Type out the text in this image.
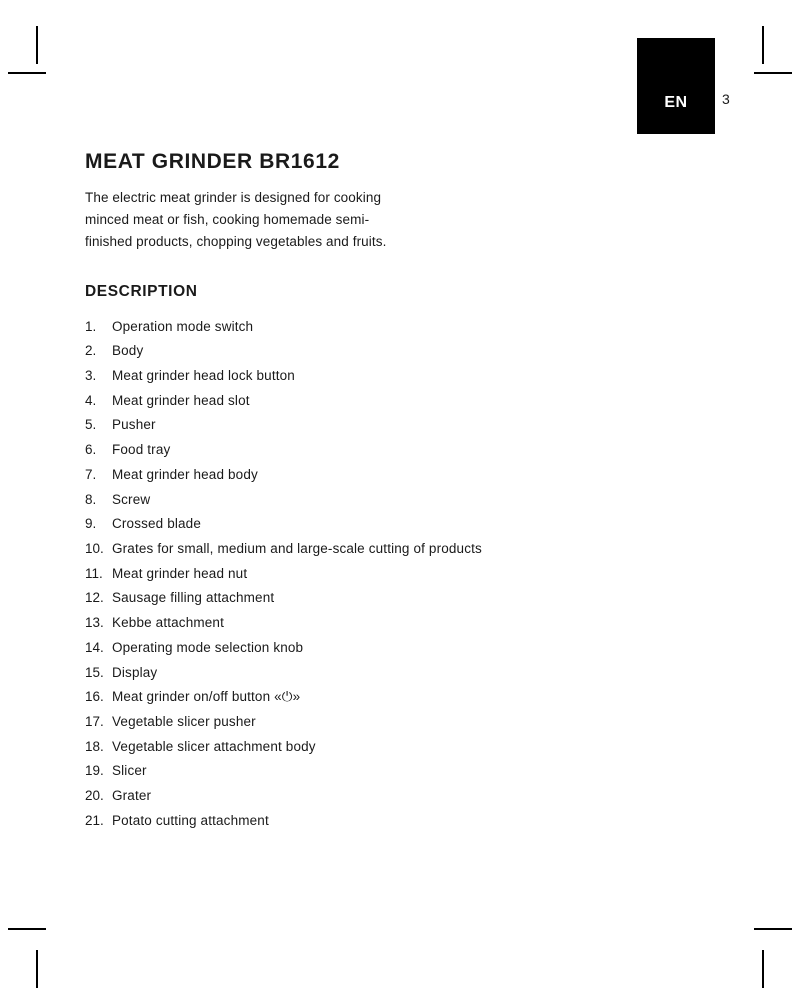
EN	3
MEAT GRINDER BR1612

The electric meat grinder is designed for cooking minced meat or fish, cooking homemade semi-finished products, chopping vegetables and fruits.

DESCRIPTION
1.	Operation mode switch
2.	Body
3.	Meat grinder head lock button
4.	Meat grinder head slot
5.	Pusher
6.	Food tray
7.	Meat grinder head body
8.	Screw
9.	Crossed blade
10. Grates for small, medium and large-scale cutting of products
11. Meat grinder head nut
12. Sausage filling attachment
13. Kebbe attachment
14. Operating mode selection knob
15. Display
16. Meat grinder on/off button «⏻»
17. Vegetable slicer pusher
18. Vegetable slicer attachment body
19. Slicer
20. Grater
21. Potato cutting attachment
